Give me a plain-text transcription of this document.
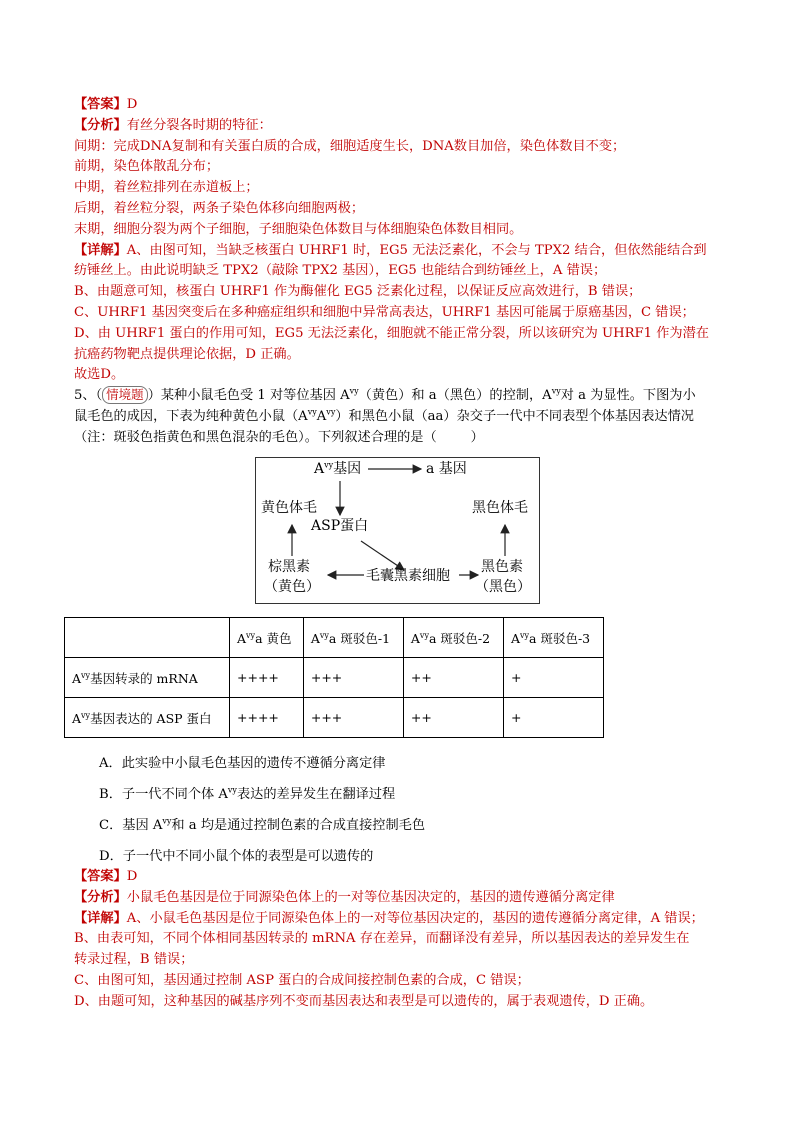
【答案】D
【分析】有丝分裂各时期的特征：
间期：完成DNA复制和有关蛋白质的合成，细胞适度生长，DNA数目加倍，染色体数目不变；
前期，染色体散乱分布；
中期，着丝粒排列在赤道板上；
后期，着丝粒分裂，两条子染色体移向细胞两极；
末期，细胞分裂为两个子细胞，子细胞染色体数目与体细胞染色体数目相同。
【详解】A、由图可知，当缺乏核蛋白 UHRF1 时，EG5 无法泛素化，不会与 TPX2 结合，但依然能结合到
纺锤丝上。由此说明缺乏 TPX2（敲除 TPX2 基因），EG5 也能结合到纺锤丝上，A 错误；
B、由题意可知，核蛋白 UHRF1 作为酶催化 EG5 泛素化过程，以保证反应高效进行，B 错误；
C、UHRF1 基因突变后在多种癌症组织和细胞中异常高表达，UHRF1 基因可能属于原癌基因，C 错误；
D、由 UHRF1 蛋白的作用可知，EG5 无法泛素化，细胞就不能正常分裂，所以该研究为 UHRF1 作为潜在
抗癌药物靶点提供理论依据，D 正确。
故选D。
5、（ 情境题 ）某种小鼠毛色受 1 对等位基因 $A^{vy}$（黄色）和 a（黑色）的控制，$A^{vy}$对 a 为显性。下图为小
鼠毛色的成因，下表为纯种黄色小鼠$(A^{vy}A^{vy})$和黑色小鼠（aa）杂交子一代中不同表型个体基因表达情况
（注：斑驳色指黄色和黑色混杂的毛色）。下列叙述合理的是（	）
$A^{vy}$基因	a 基因
黄色体毛	黑色体毛
ASP蛋白
棕黑素
（黄色）
毛囊黑素细胞
黑色素
（黑色）
	$A^{vy}a$ 黄色	$A^{vy}a$ 斑驳色-1	$A^{vy}a$ 斑驳色-2	$A^{vy}a$ 斑驳色-3
$A^{vy}$基因转录的 mRNA	++++	+++	++	+
$A^{vy}$基因表达的 ASP 蛋白	++++	+++	++	+
A．此实验中小鼠毛色基因的遗传不遵循分离定律
B．子一代不同个体 $A^{vy}$表达的差异发生在翻译过程
C．基因 $A^{vy}$和 a 均是通过控制色素的合成直接控制毛色
D．子一代中不同小鼠个体的表型是可以遗传的
【答案】D
【分析】小鼠毛色基因是位于同源染色体上的一对等位基因决定的，基因的遗传遵循分离定律
【详解】A、小鼠毛色基因是位于同源染色体上的一对等位基因决定的，基因的遗传遵循分离定律，A 错误；
B、由表可知，不同个体相同基因转录的 mRNA 存在差异，而翻译没有差异，所以基因表达的差异发生在
转录过程，B 错误；
C、由图可知，基因通过控制 ASP 蛋白的合成间接控制色素的合成，C 错误；
D、由题可知，这种基因的碱基序列不变而基因表达和表型是可以遗传的，属于表观遗传，D 正确。
